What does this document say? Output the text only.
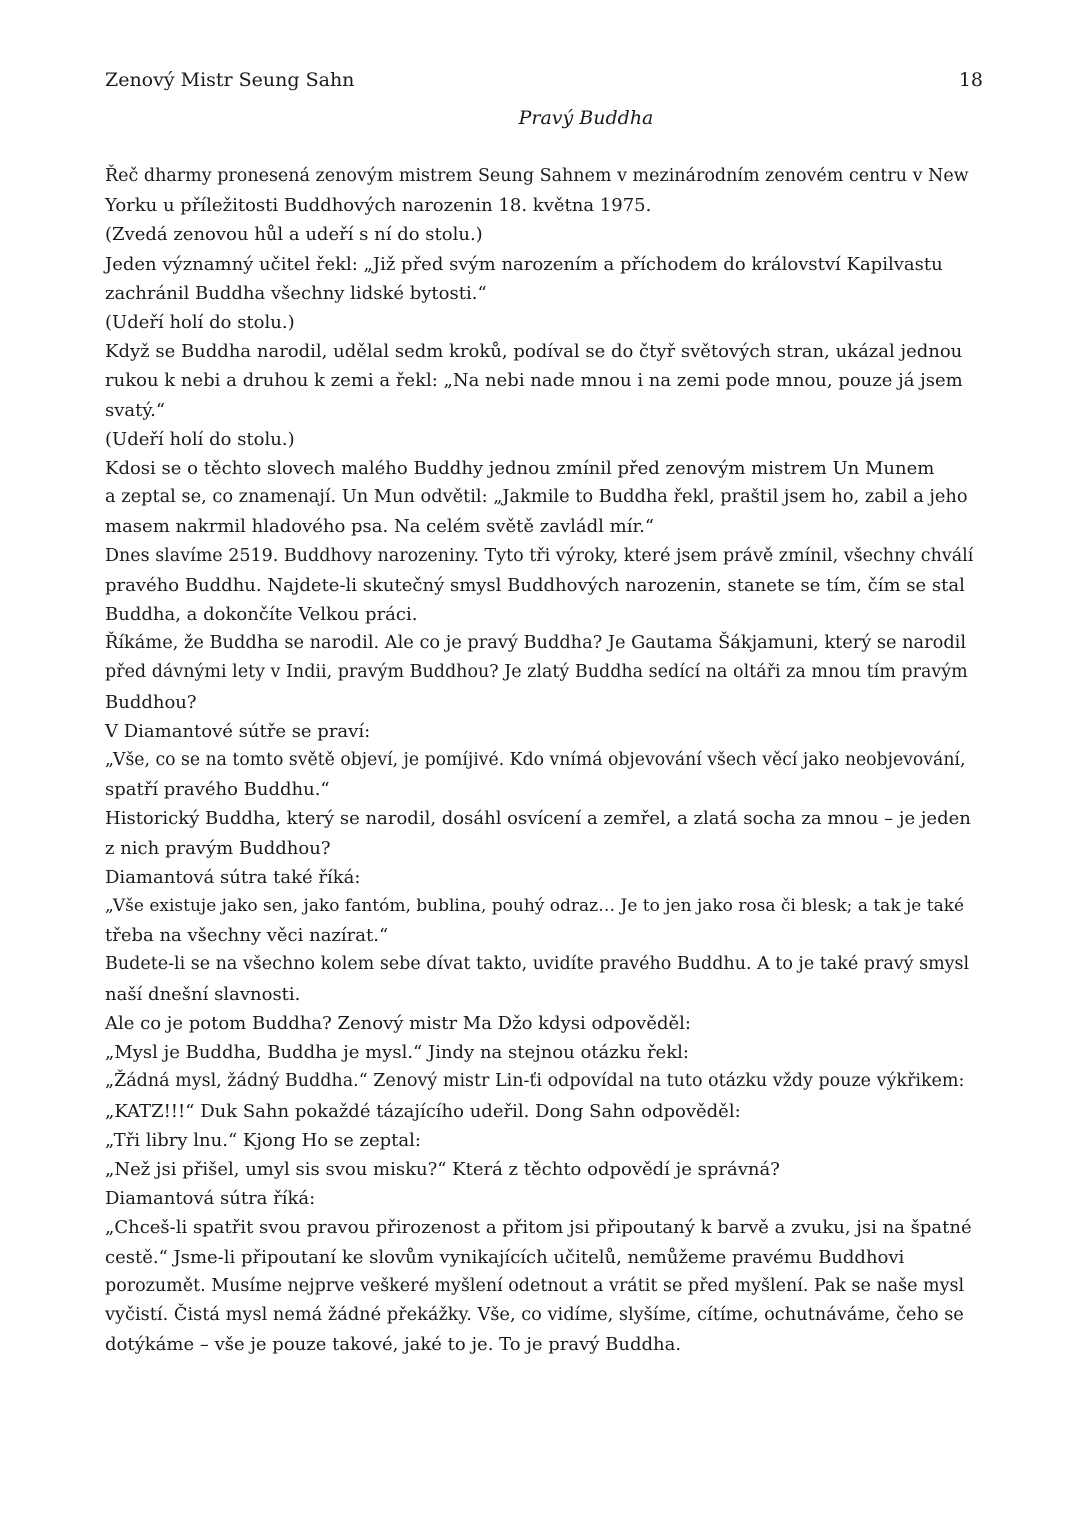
Zenový Mistr Seung Sahn	18
Pravý Buddha
Řeč dharmy pronesená zenovým mistrem Seung Sahnem v mezinárodním zenovém centru v New
Yorku u příležitosti Buddhových narozenin 18. května 1975.
(Zvedá zenovou hůl a udeří s ní do stolu.)
Jeden významný učitel řekl: „Již před svým narozením a příchodem do království Kapilvastu
zachránil Buddha všechny lidské bytosti.“
(Udeří holí do stolu.)
Když se Buddha narodil, udělal sedm kroků, podíval se do čtyř světových stran, ukázal jednou
rukou k nebi a druhou k zemi a řekl: „Na nebi nade mnou i na zemi pode mnou, pouze já jsem
svatý.“
(Udeří holí do stolu.)
Kdosi se o těchto slovech malého Buddhy jednou zmínil před zenovým mistrem Un Munem
a zeptal se, co znamenají. Un Mun odvětil: „Jakmile to Buddha řekl, praštil jsem ho, zabil a jeho
masem nakrmil hladového psa. Na celém světě zavládl mír.“
Dnes slavíme 2519. Buddhovy narozeniny. Tyto tři výroky, které jsem právě zmínil, všechny chválí
pravého Buddhu. Najdete-li skutečný smysl Buddhových narozenin, stanete se tím, čím se stal
Buddha, a dokončíte Velkou práci.
Říkáme, že Buddha se narodil. Ale co je pravý Buddha? Je Gautama Šákjamuni, který se narodil
před dávnými lety v Indii, pravým Buddhou? Je zlatý Buddha sedící na oltáři za mnou tím pravým
Buddhou?
V Diamantové sútře se praví:
„Vše, co se na tomto světě objeví, je pomíjivé. Kdo vnímá objevování všech věcí jako neobjevování,
spatří pravého Buddhu.“
Historický Buddha, který se narodil, dosáhl osvícení a zemřel, a zlatá socha za mnou – je jeden
z nich pravým Buddhou?
Diamantová sútra také říká:
„Vše existuje jako sen, jako fantóm, bublina, pouhý odraz… Je to jen jako rosa či blesk; a tak je také
třeba na všechny věci nazírat.“
Budete-li se na všechno kolem sebe dívat takto, uvidíte pravého Buddhu. A to je také pravý smysl
naší dnešní slavnosti.
Ale co je potom Buddha? Zenový mistr Ma Džo kdysi odpověděl:
„Mysl je Buddha, Buddha je mysl.“ Jindy na stejnou otázku řekl:
„Žádná mysl, žádný Buddha.“ Zenový mistr Lin-ťi odpovídal na tuto otázku vždy pouze výkřikem:
„KATZ!!!“ Duk Sahn pokaždé tázajícího udeřil. Dong Sahn odpověděl:
„Tři libry lnu.“ Kjong Ho se zeptal:
„Než jsi přišel, umyl sis svou misku?“ Která z těchto odpovědí je správná?
Diamantová sútra říká:
„Chceš-li spatřit svou pravou přirozenost a přitom jsi připoutaný k barvě a zvuku, jsi na špatné
cestě.“ Jsme-li připoutaní ke slovům vynikajících učitelů, nemůžeme pravému Buddhovi
porozumět. Musíme nejprve veškeré myšlení odetnout a vrátit se před myšlení. Pak se naše mysl
vyčistí. Čistá mysl nemá žádné překážky. Vše, co vidíme, slyšíme, cítíme, ochutnáváme, čeho se
dotýkáme – vše je pouze takové, jaké to je. To je pravý Buddha.
